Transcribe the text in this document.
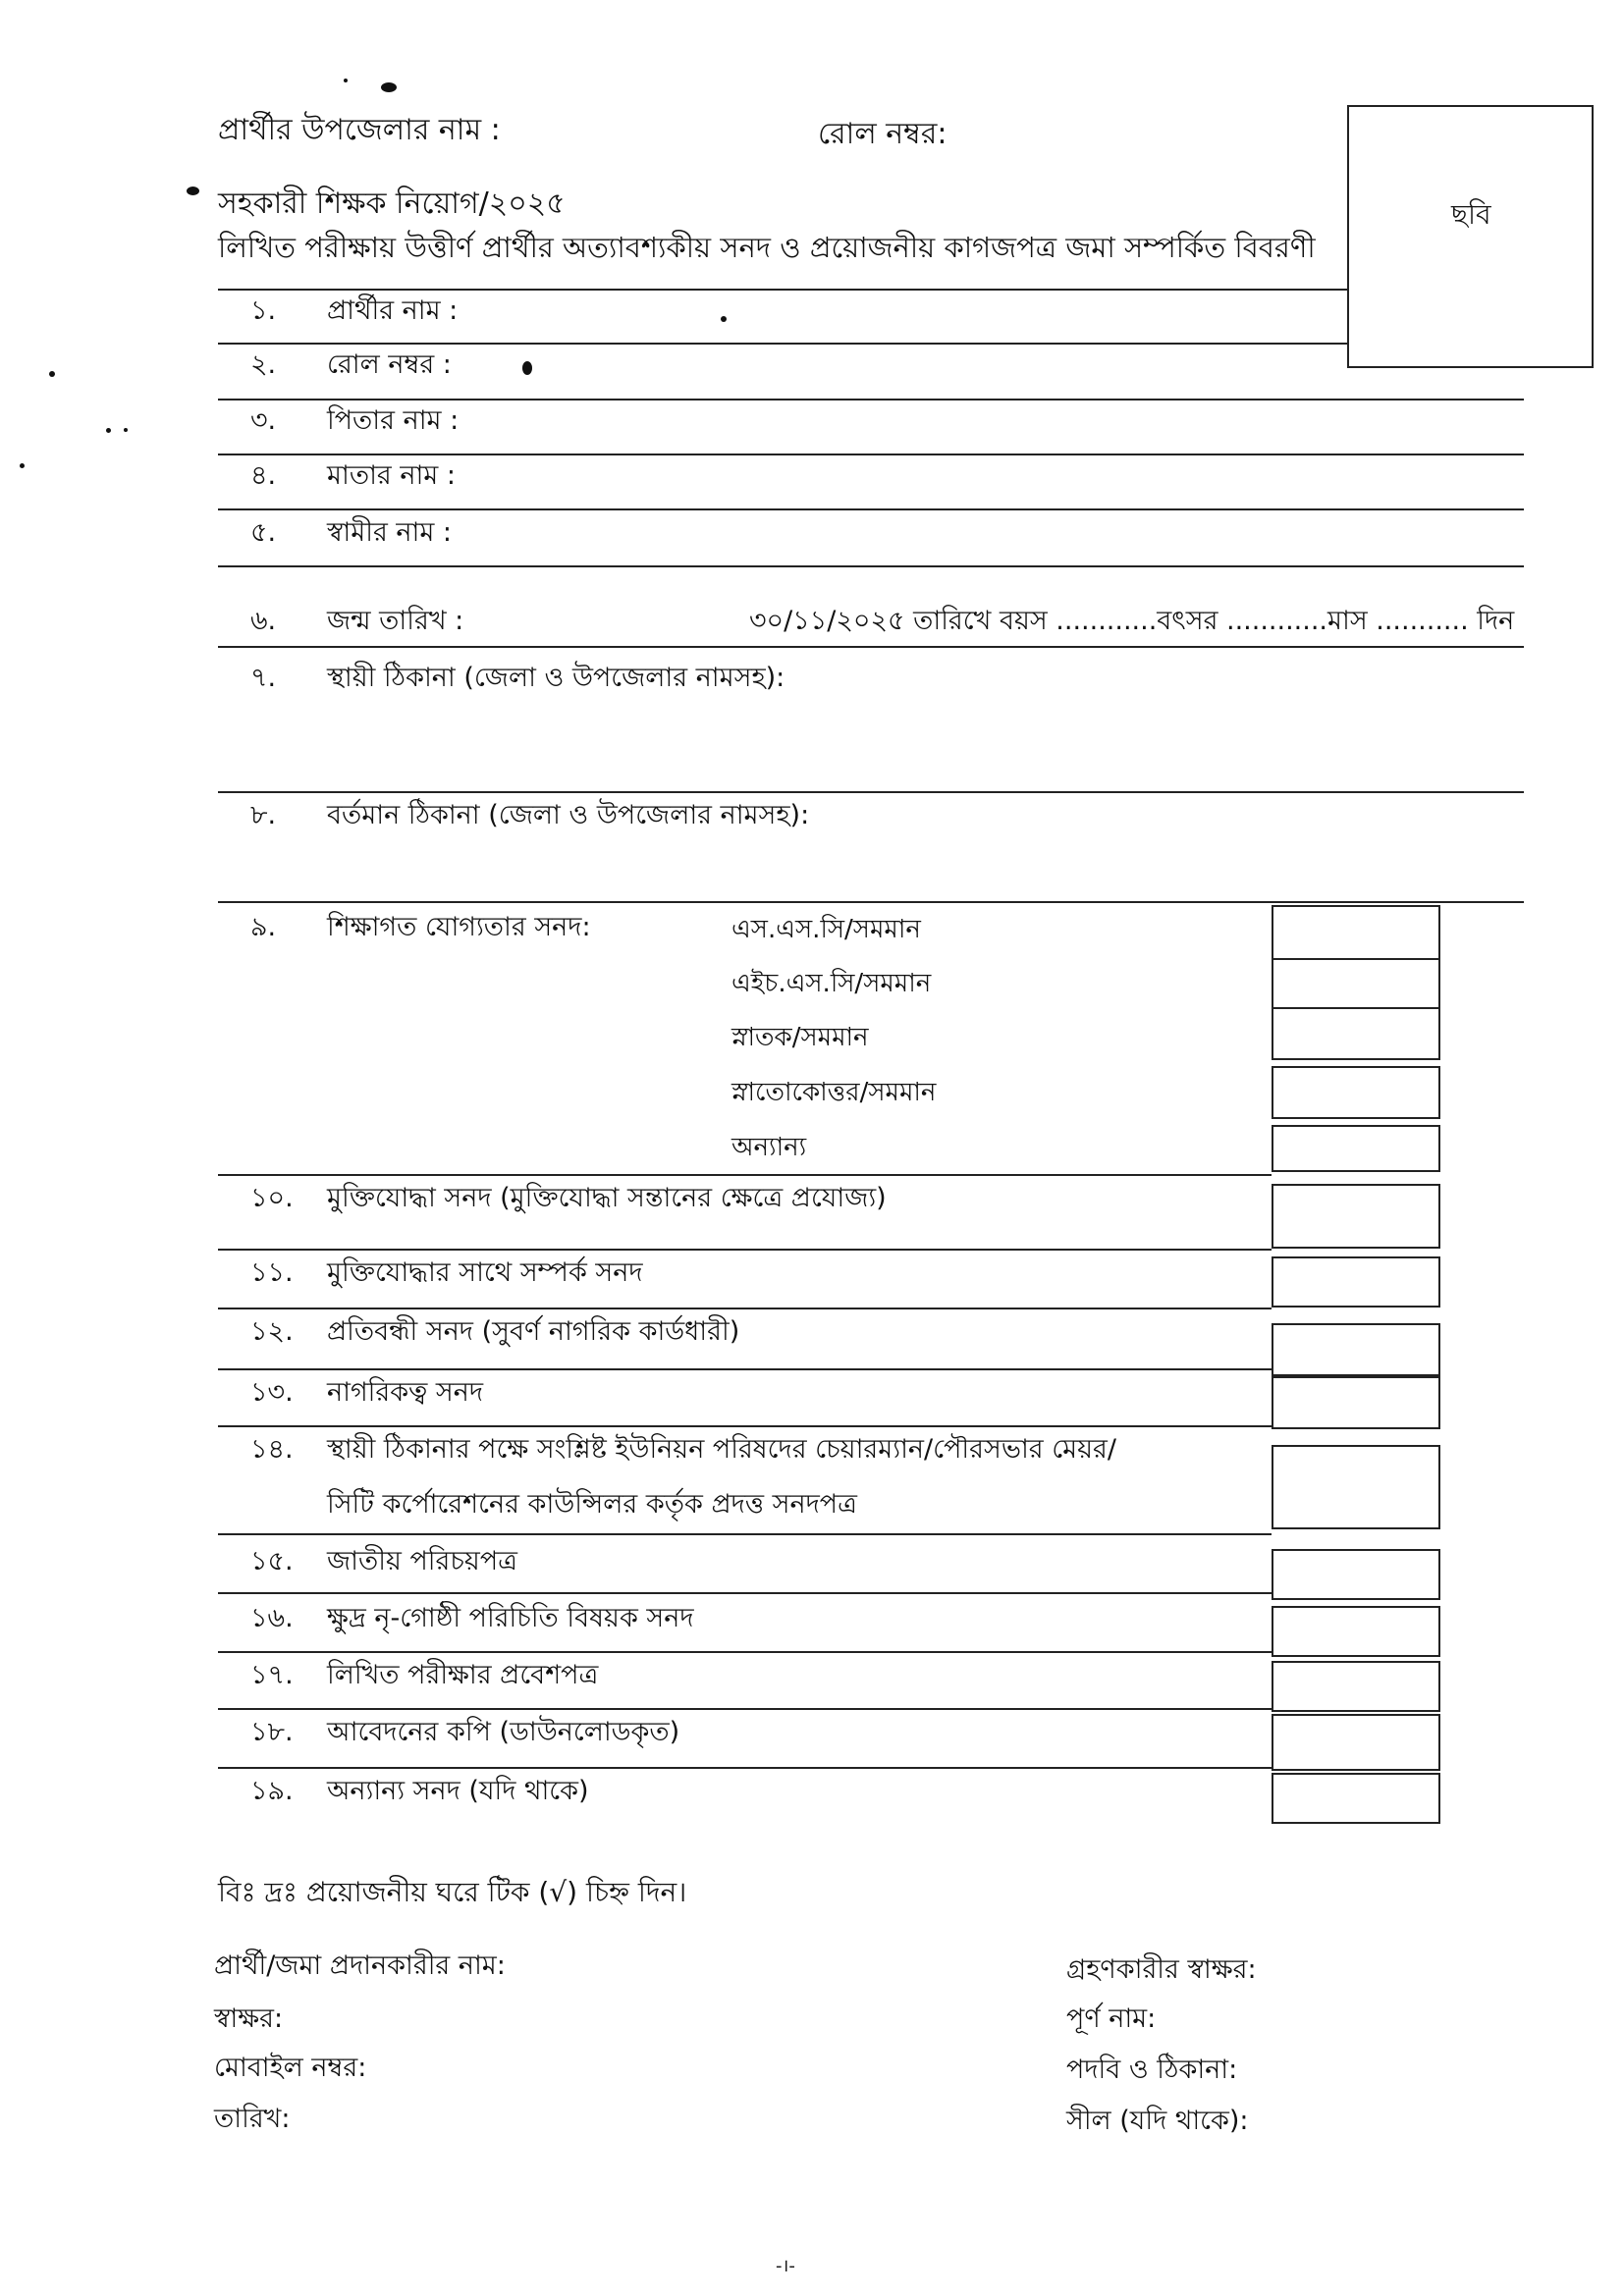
প্রার্থীর উপজেলার নাম :	রোল নম্বর:
ছবি
সহকারী শিক্ষক নিয়োগ/২০২৫
লিখিত পরীক্ষায় উত্তীর্ণ প্রার্থীর অত্যাবশ্যকীয় সনদ ও প্রয়োজনীয় কাগজপত্র জমা সম্পর্কিত বিবরণী
১.	প্রার্থীর নাম :
২.	রোল নম্বর :
৩.	পিতার নাম :
৪.	মাতার নাম :
৫.	স্বামীর নাম :
৬.	জন্ম তারিখ :	৩০/১১/২০২৫ তারিখে বয়স ............বৎসর ............মাস ........... দিন
৭.	স্থায়ী ঠিকানা (জেলা ও উপজেলার নামসহ):
৮.	বর্তমান ঠিকানা (জেলা ও উপজেলার নামসহ):
৯.	শিক্ষাগত যোগ্যতার সনদ:	এস.এস.সি/সমমান
এইচ.এস.সি/সমমান
স্নাতক/সমমান
স্নাতোকোত্তর/সমমান
অন্যান্য
১০.	মুক্তিযোদ্ধা সনদ (মুক্তিযোদ্ধা সন্তানের ক্ষেত্রে প্রযোজ্য)
১১.	মুক্তিযোদ্ধার সাথে সম্পর্ক সনদ
১২.	প্রতিবন্ধী সনদ (সুবর্ণ নাগরিক কার্ডধারী)
১৩.	নাগরিকত্ব সনদ
১৪.	স্থায়ী ঠিকানার পক্ষে সংশ্লিষ্ট ইউনিয়ন পরিষদের চেয়ারম্যান/পৌরসভার মেয়র/
সিটি কর্পোরেশনের কাউন্সিলর কর্তৃক প্রদত্ত সনদপত্র
১৫.	জাতীয় পরিচয়পত্র
১৬.	ক্ষুদ্র নৃ-গোষ্ঠী পরিচিতি বিষয়ক সনদ
১৭.	লিখিত পরীক্ষার প্রবেশপত্র
১৮.	আবেদনের কপি (ডাউনলোডকৃত)
১৯.	অন্যান্য সনদ (যদি থাকে)
বিঃ দ্রঃ প্রয়োজনীয় ঘরে টিক (√) চিহ্ন দিন।
প্রার্থী/জমা প্রদানকারীর নাম:
স্বাক্ষর:
মোবাইল নম্বর:
তারিখ:
গ্রহণকারীর স্বাক্ষর:
পূর্ণ নাম:
পদবি ও ঠিকানা:
সীল (যদি থাকে):
-।-
